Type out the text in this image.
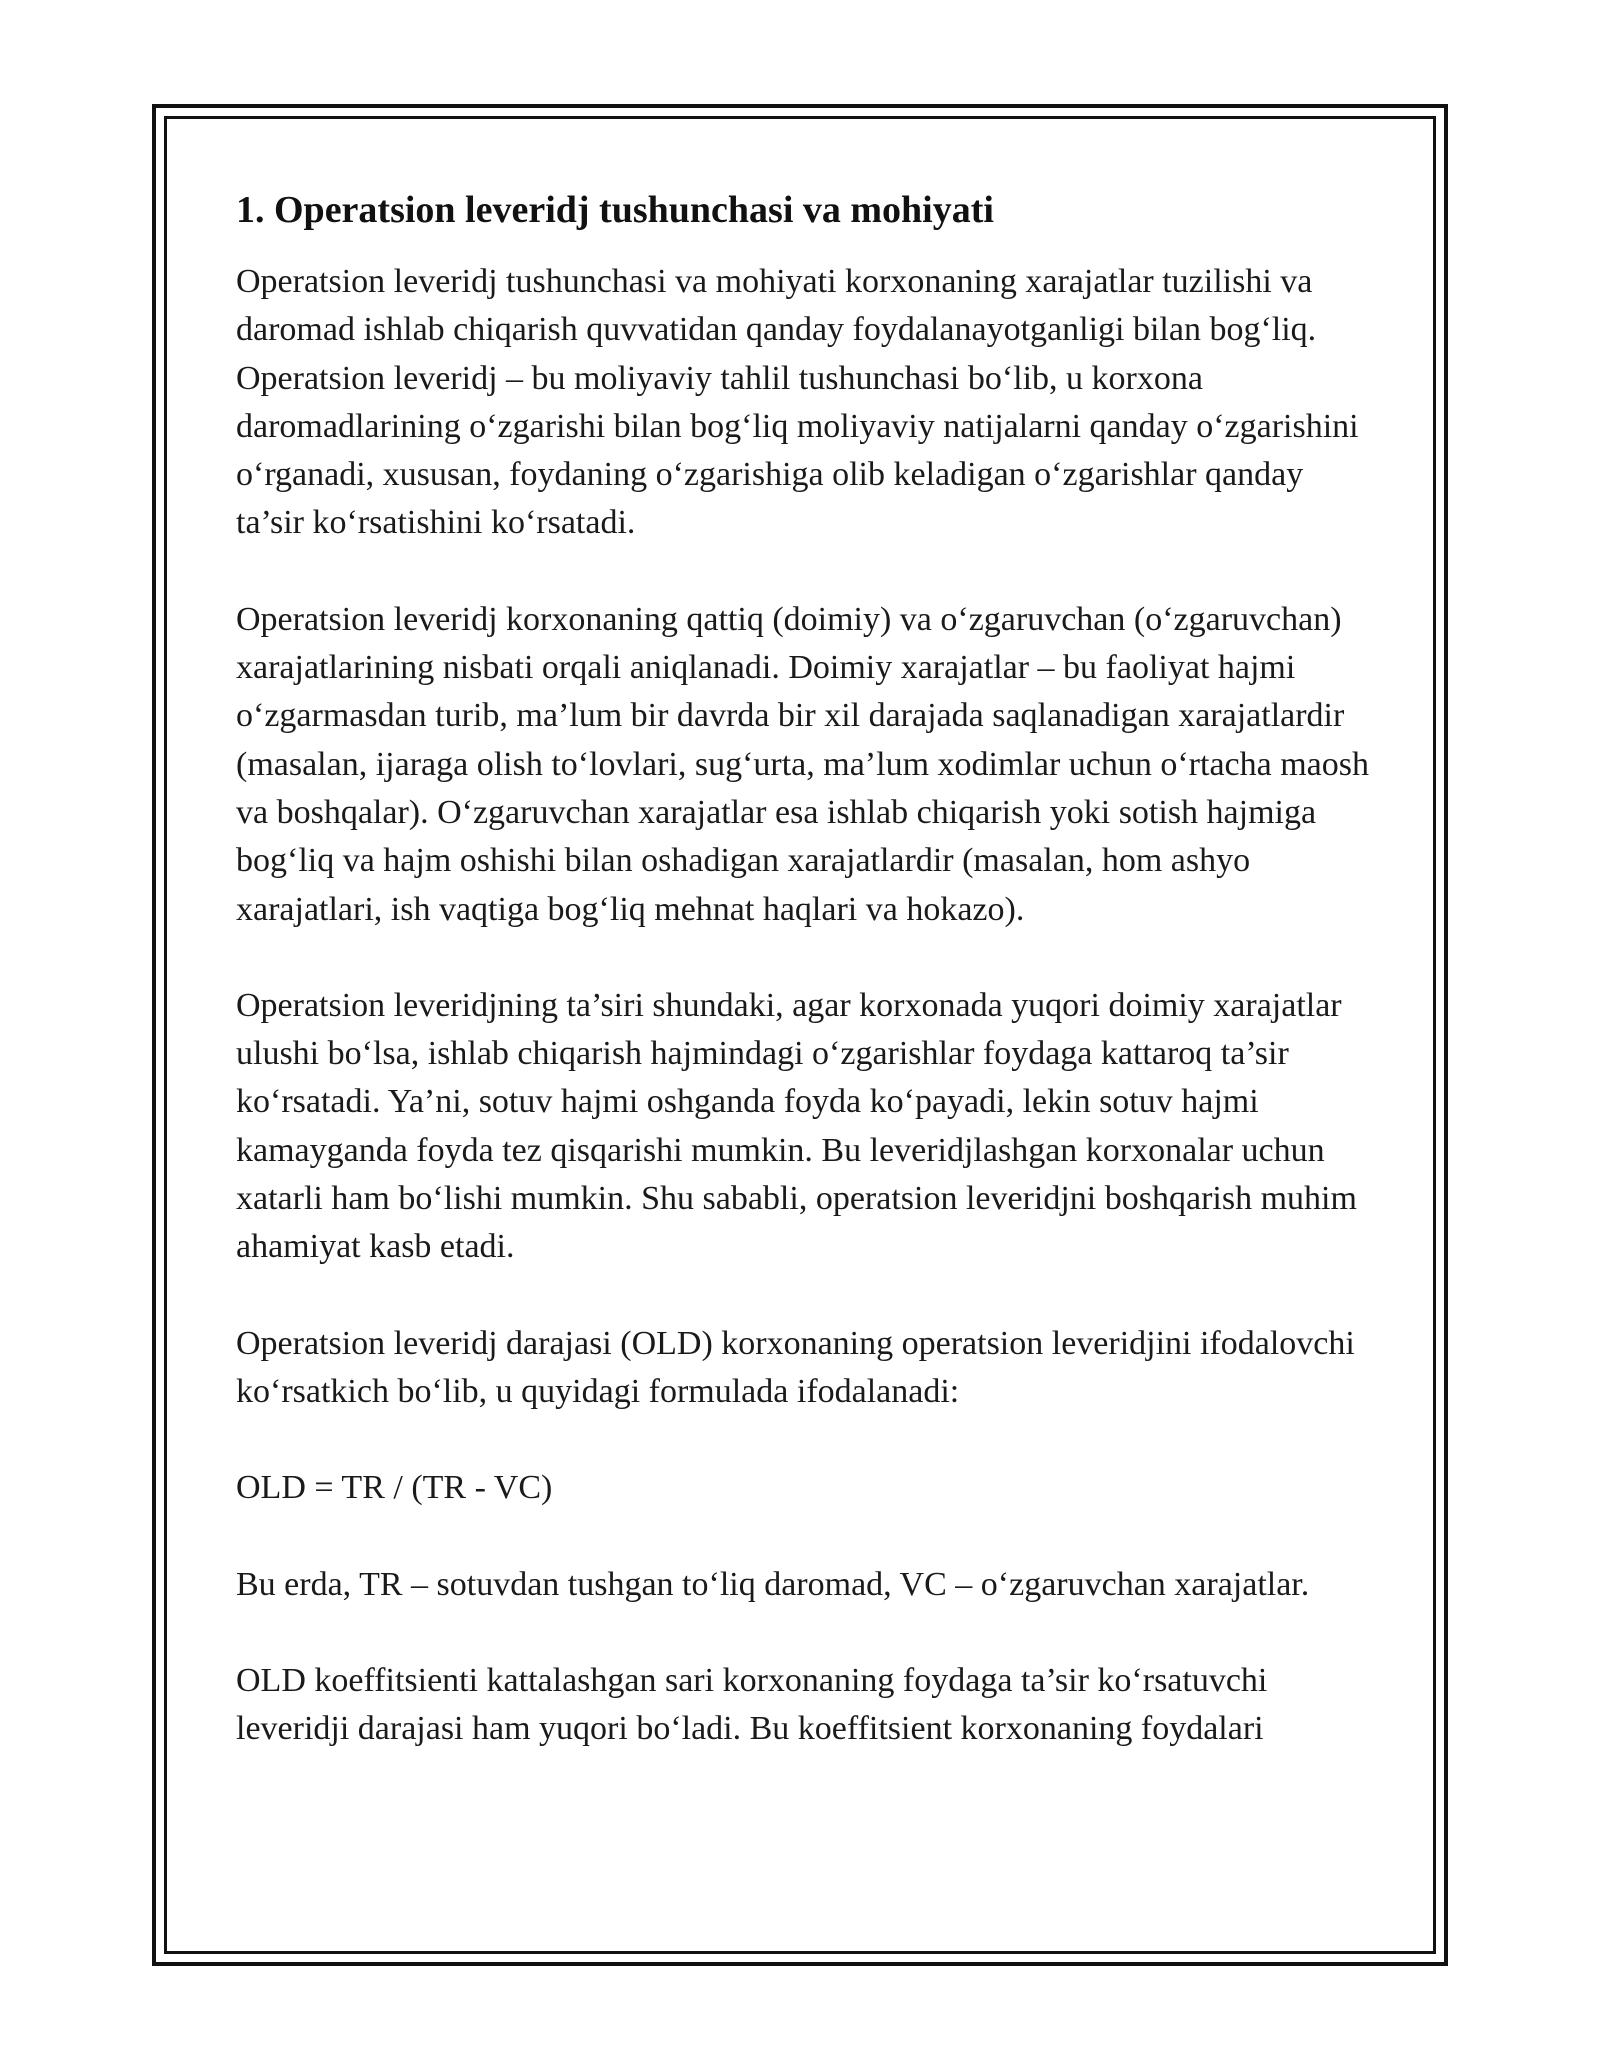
1. Operatsion leveridj tushunchasi va mohiyati

Operatsion leveridj tushunchasi va mohiyati korxonaning xarajatlar tuzilishi va daromad ishlab chiqarish quvvatidan qanday foydalanayotganligi bilan bog‘liq. Operatsion leveridj – bu moliyaviy tahlil tushunchasi bo‘lib, u korxona daromadlarining o‘zgarishi bilan bog‘liq moliyaviy natijalarni qanday o‘zgarishini o‘rganadi, xususan, foydaning o‘zgarishiga olib keladigan o‘zgarishlar qanday ta’sir ko‘rsatishini ko‘rsatadi.

Operatsion leveridj korxonaning qattiq (doimiy) va o‘zgaruvchan (o‘zgaruvchan) xarajatlarining nisbati orqali aniqlanadi. Doimiy xarajatlar – bu faoliyat hajmi o‘zgarmasdan turib, ma’lum bir davrda bir xil darajada saqlanadigan xarajatlardir (masalan, ijaraga olish to‘lovlari, sug‘urta, ma’lum xodimlar uchun o‘rtacha maosh va boshqalar). O‘zgaruvchan xarajatlar esa ishlab chiqarish yoki sotish hajmiga bog‘liq va hajm oshishi bilan oshadigan xarajatlardir (masalan, hom ashyo xarajatlari, ish vaqtiga bog‘liq mehnat haqlari va hokazo).

Operatsion leveridjning ta’siri shundaki, agar korxonada yuqori doimiy xarajatlar ulushi bo‘lsa, ishlab chiqarish hajmindagi o‘zgarishlar foydaga kattaroq ta’sir ko‘rsatadi. Ya’ni, sotuv hajmi oshganda foyda ko‘payadi, lekin sotuv hajmi kamayganda foyda tez qisqarishi mumkin. Bu leveridjlashgan korxonalar uchun xatarli ham bo‘lishi mumkin. Shu sababli, operatsion leveridjni boshqarish muhim ahamiyat kasb etadi.

Operatsion leveridj darajasi (OLD) korxonaning operatsion leveridjini ifodalovchi ko‘rsatkich bo‘lib, u quyidagi formulada ifodalanadi:

OLD = TR / (TR - VC)

Bu erda, TR – sotuvdan tushgan to‘liq daromad, VC – o‘zgaruvchan xarajatlar.

OLD koeffitsienti kattalashgan sari korxonaning foydaga ta’sir ko‘rsatuvchi leveridji darajasi ham yuqori bo‘ladi. Bu koeffitsient korxonaning foydalari
